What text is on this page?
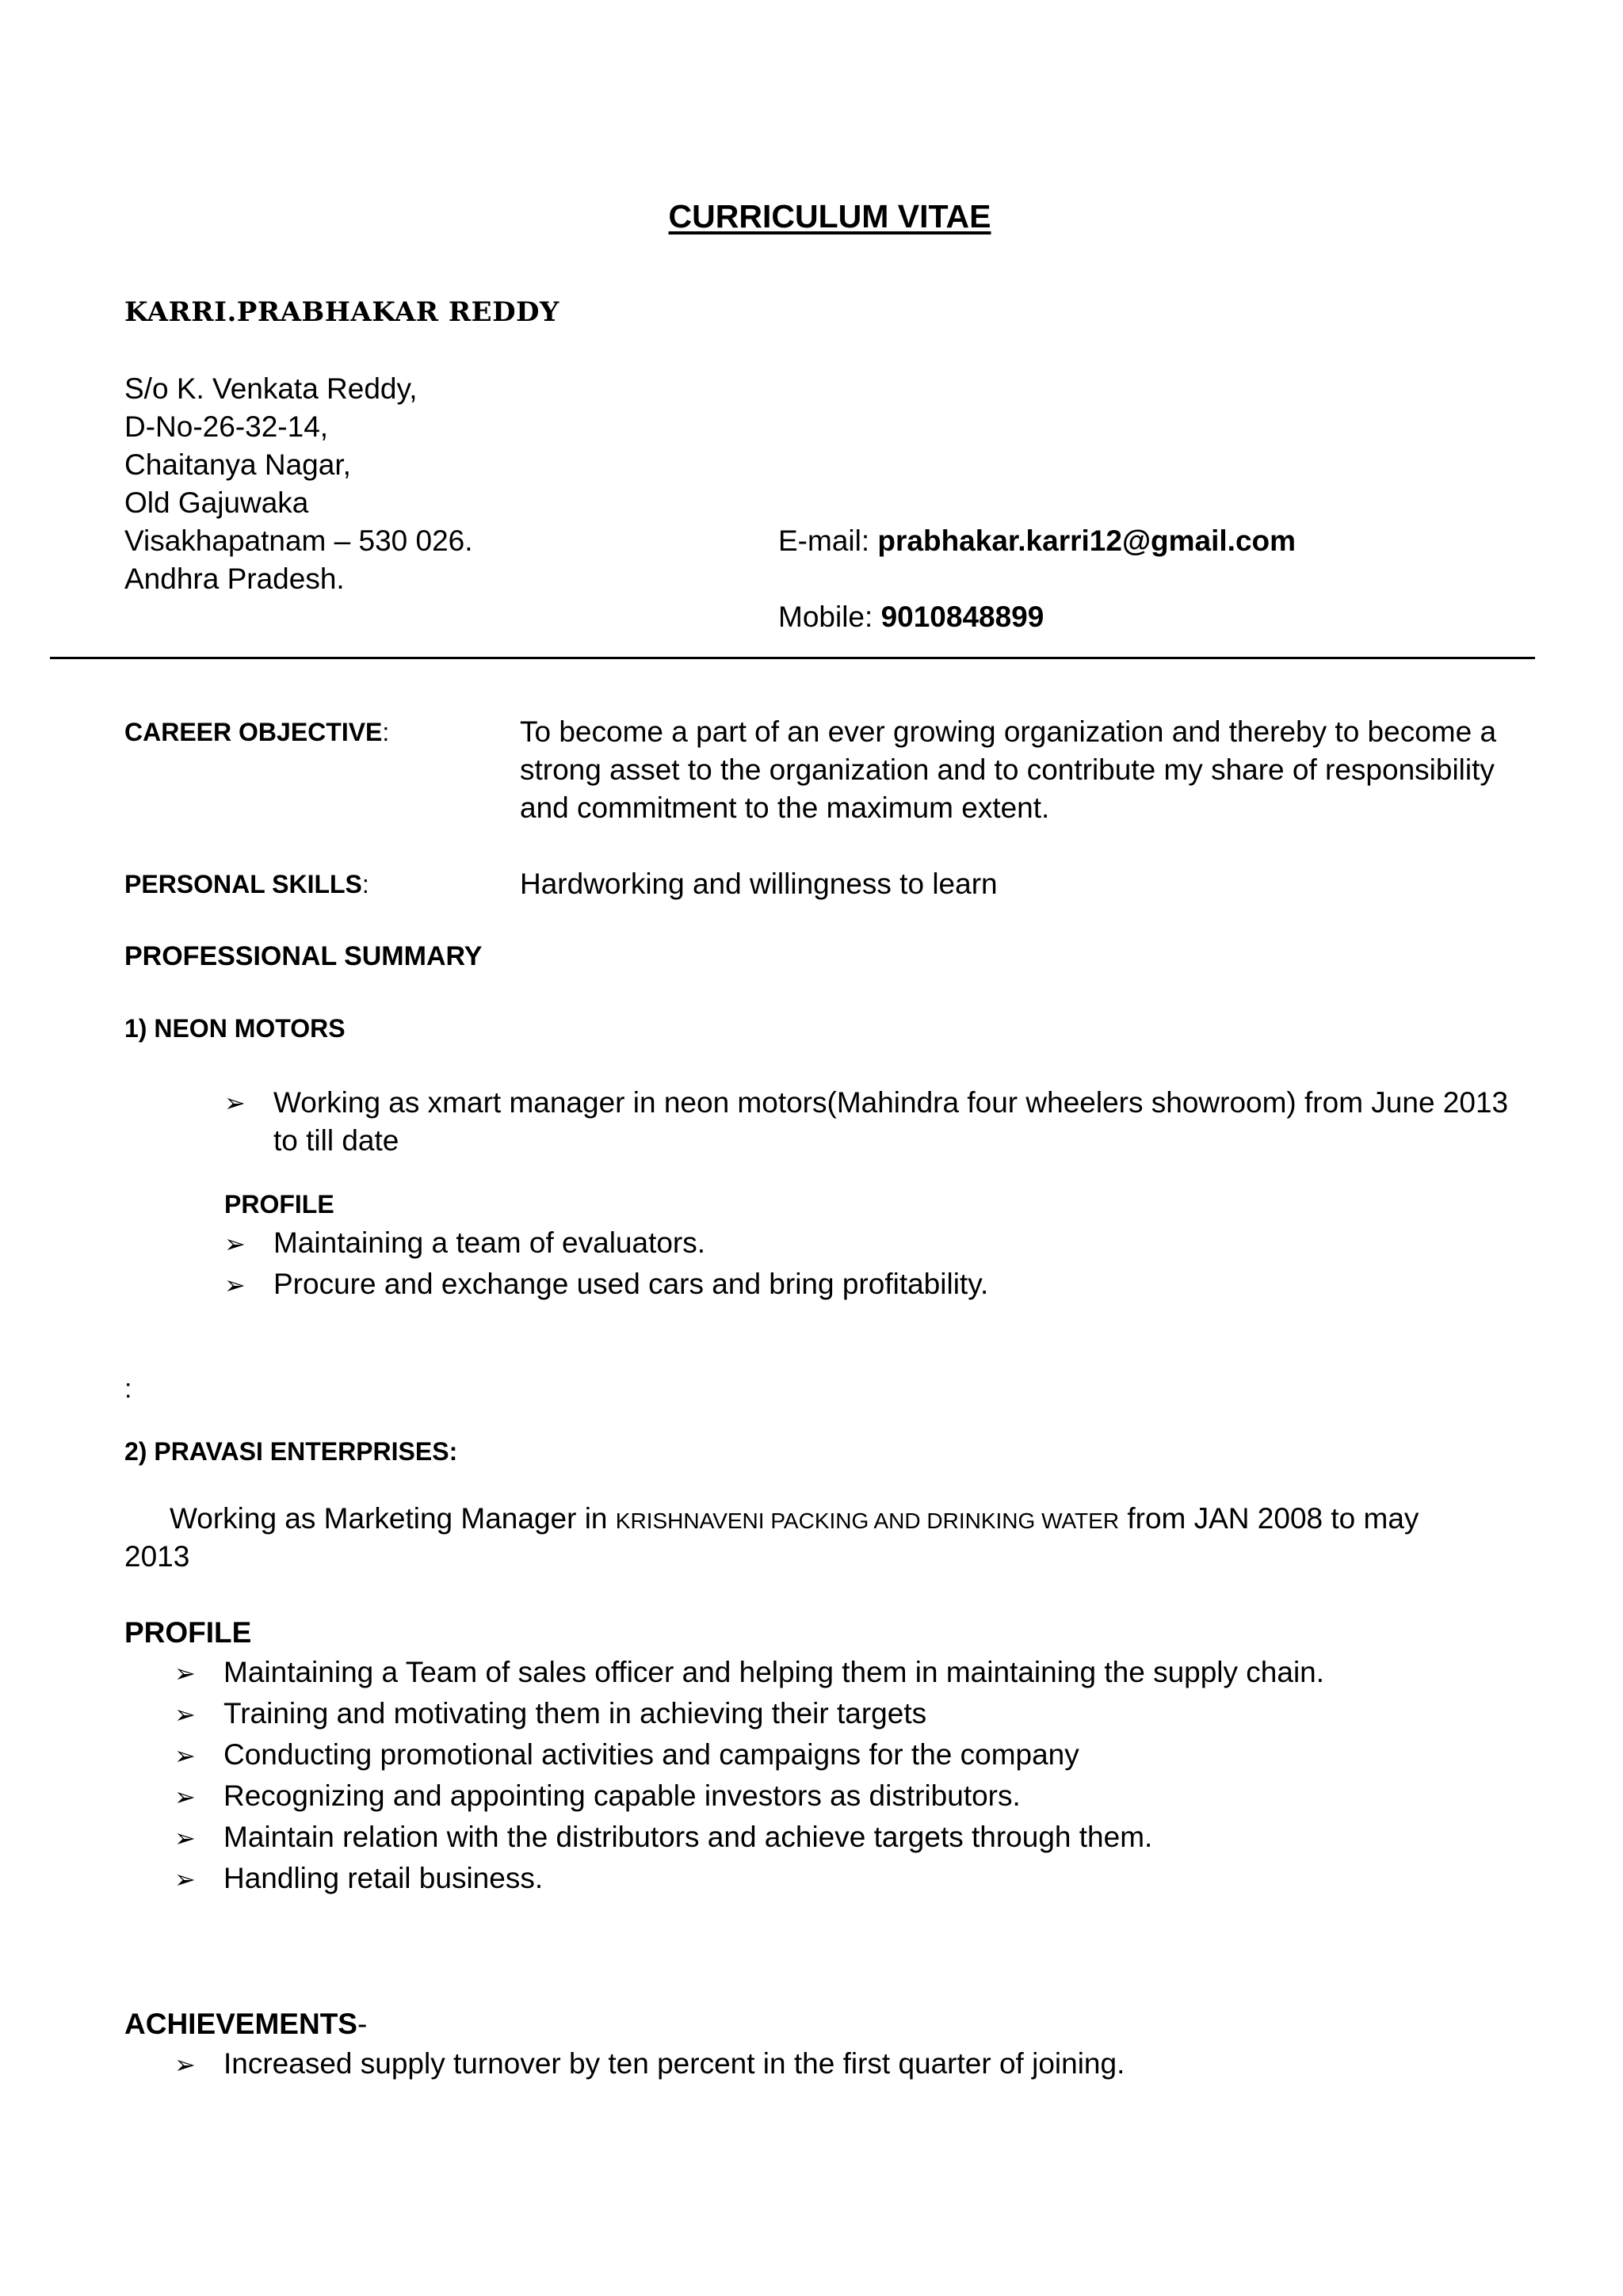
CURRICULUM VITAE
KARRI.PRABHAKAR REDDY
S/o K. Venkata Reddy,
D-No-26-32-14,
Chaitanya Nagar,
Old Gajuwaka
Visakhapatnam – 530 026.
Andhra Pradesh.
E-mail: prabhakar.karri12@gmail.com
Mobile: 9010848899
CAREER OBJECTIVE:	To become a part of an ever growing organization and thereby to become a strong asset to the organization and to contribute my share of responsibility and commitment to the maximum extent.
PERSONAL SKILLS:	Hardworking and willingness to learn
PROFESSIONAL SUMMARY
1) NEON MOTORS
➢ Working as xmart manager in neon motors(Mahindra four wheelers showroom) from June 2013 to till date
PROFILE
➢ Maintaining a team of evaluators.
➢ Procure and exchange used cars and bring profitability.
:
2) PRAVASI ENTERPRISES:
Working as Marketing Manager in KRISHNAVENI PACKING AND DRINKING WATER from JAN 2008 to may
2013
PROFILE
➢ Maintaining a Team of sales officer and helping them in maintaining the supply chain.
➢ Training and motivating them in achieving their targets
➢ Conducting promotional activities and campaigns for the company
➢ Recognizing and appointing capable investors as distributors.
➢ Maintain relation with the distributors and achieve targets through them.
➢ Handling retail business.
ACHIEVEMENTS-
➢ Increased supply turnover by ten percent in the first quarter of joining.
